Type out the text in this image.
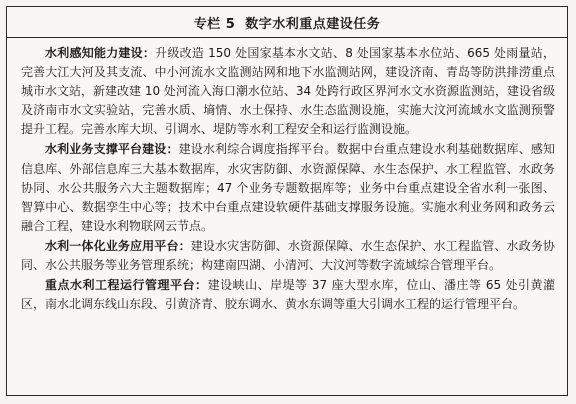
专栏 5 数字水利重点建设任务

水利感知能力建设：升级改造 150 处国家基本水文站、8 处国家基本水位站、665 处雨量站，完善大江大河及其支流、中小河流水文监测站网和地下水监测站网，建设济南、青岛等防洪排涝重点城市水文站，新建改建 10 处河流入海口潮水位站、34 处跨行政区界河水文水资源监测站，建设省级及济南市水文实验站，完善水质、墒情、水土保持、水生态监测设施，实施大汶河流域水文监测预警提升工程。完善水库大坝、引调水、堤防等水利工程安全和运行监测设施。

水利业务支撑平台建设：建设水利综合调度指挥平台。数据中台重点建设水利基础数据库、感知信息库、外部信息库三大基本数据库，水灾害防御、水资源保障、水生态保护、水工程监管、水政务协同、水公共服务六大主题数据库；47 个业务专题数据库等；业务中台重点建设全省水利一张图、智算中心、数据孪生中心等；技术中台重点建设软硬件基础支撑服务设施。实施水利业务网和政务云融合工程，建设水利物联网云节点。

水利一体化业务应用平台：建设水灾害防御、水资源保障、水生态保护、水工程监管、水政务协同、水公共服务等业务管理系统；构建南四湖、小清河、大汶河等数字流域综合管理平台。

重点水利工程运行管理平台：建设峡山、岸堤等 37 座大型水库，位山、潘庄等 65 处引黄灌区，南水北调东线山东段、引黄济青、胶东调水、黄水东调等重大引调水工程的运行管理平台。
